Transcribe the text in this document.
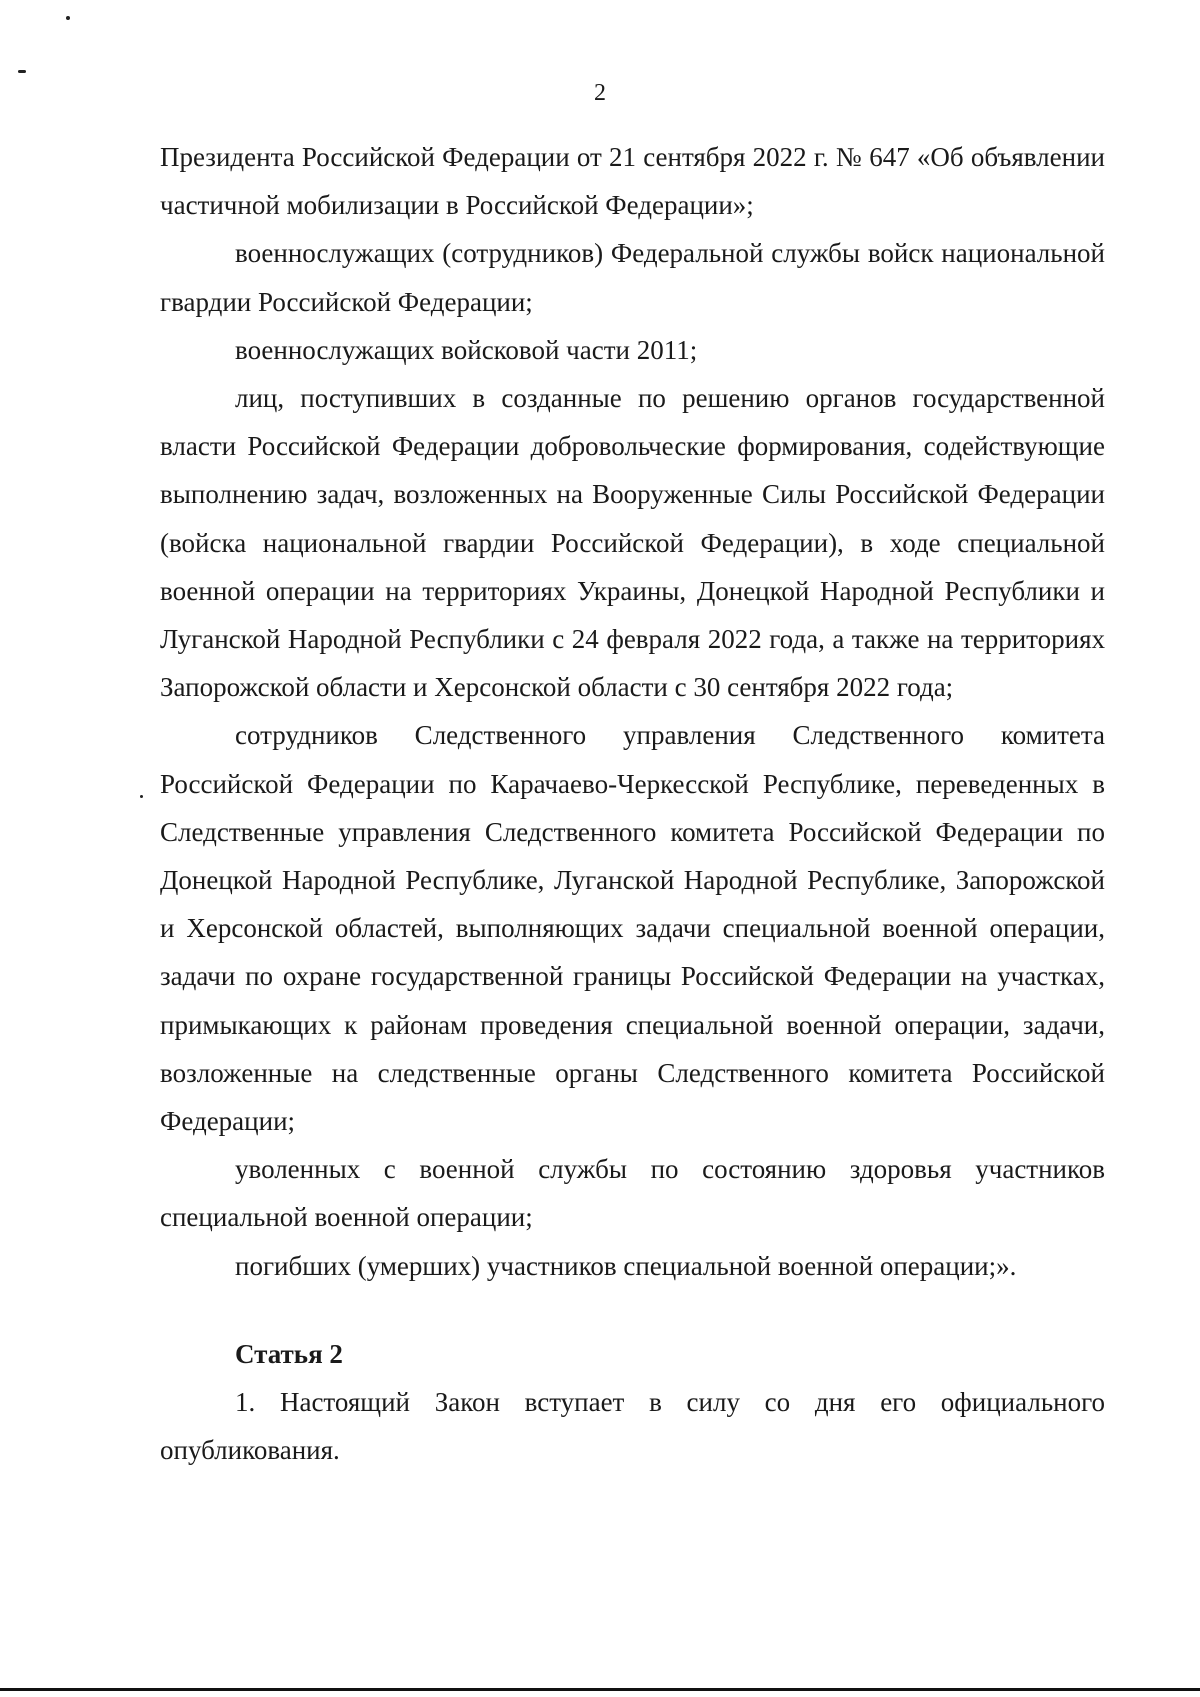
2

Президента Российской Федерации от 21 сентября 2022 г. № 647 «Об объявлении частичной мобилизации в Российской Федерации»;

военнослужащих (сотрудников) Федеральной службы войск национальной гвардии Российской Федерации;

военнослужащих войсковой части 2011;

лиц, поступивших в созданные по решению органов государственной власти Российской Федерации добровольческие формирования, содействующие выполнению задач, возложенных на Вооруженные Силы Российской Федерации (войска национальной гвардии Российской Федерации), в ходе специальной военной операции на территориях Украины, Донецкой Народной Республики и Луганской Народной Республики с 24 февраля 2022 года, а также на территориях Запорожской области и Херсонской области с 30 сентября 2022 года;

сотрудников Следственного управления Следственного комитета Российской Федерации по Карачаево-Черкесской Республике, переведенных в Следственные управления Следственного комитета Российской Федерации по Донецкой Народной Республике, Луганской Народной Республике, Запорожской и Херсонской областей, выполняющих задачи специальной военной операции, задачи по охране государственной границы Российской Федерации на участках, примыкающих к районам проведения специальной военной операции, задачи, возложенные на следственные органы Следственного комитета Российской Федерации;

уволенных с военной службы по состоянию здоровья участников специальной военной операции;

погибших (умерших) участников специальной военной операции;».

Статья 2

1. Настоящий Закон вступает в силу со дня его официального опубликования.
